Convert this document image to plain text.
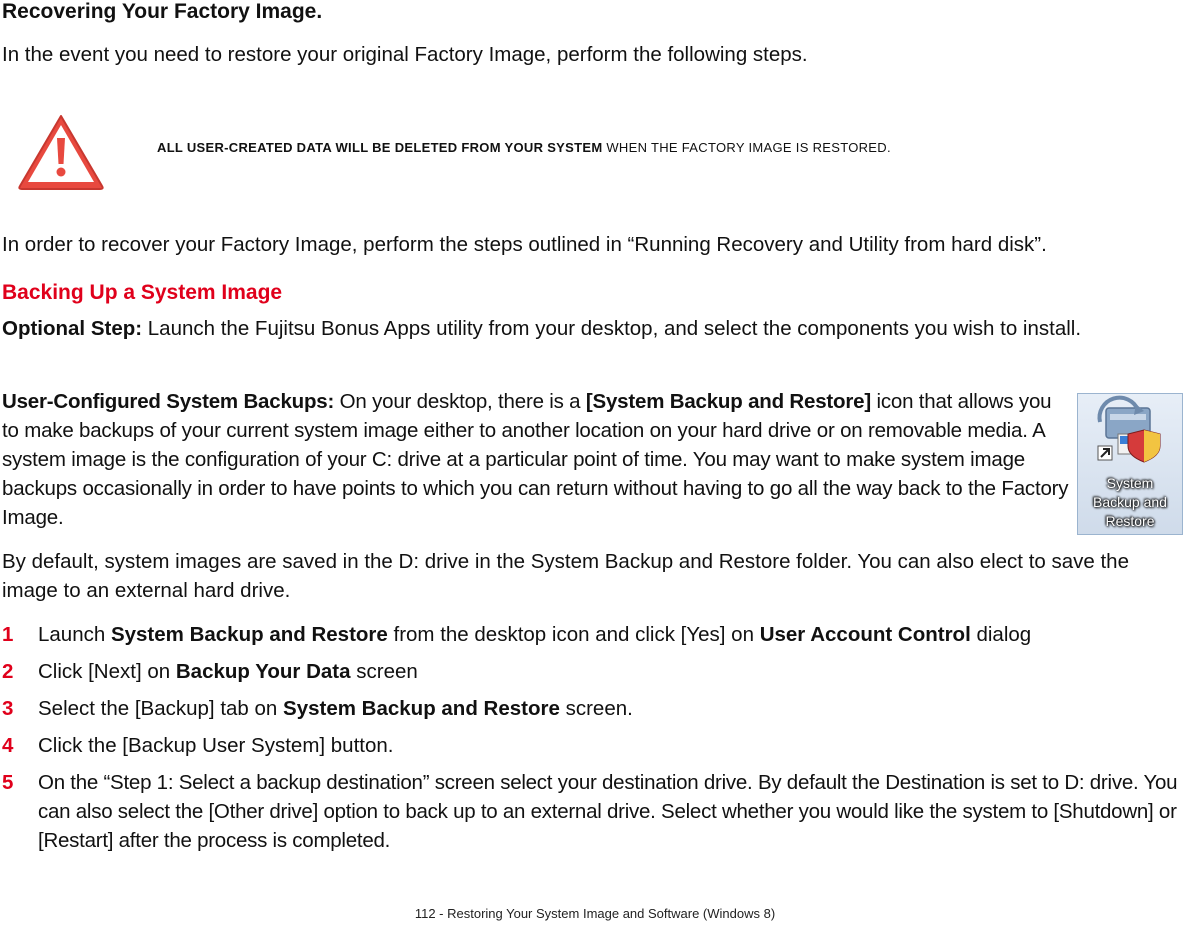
Recovering Your Factory Image.
In the event you need to restore your original Factory Image, perform the following steps.
ALL USER-CREATED DATA WILL BE DELETED FROM YOUR SYSTEM WHEN THE FACTORY IMAGE IS RESTORED.
In order to recover your Factory Image, perform the steps outlined in “Running Recovery and Utility from hard disk”.
Backing Up a System Image
Optional Step: Launch the Fujitsu Bonus Apps utility from your desktop, and select the components you wish to install.
User-Configured System Backups: On your desktop, there is a [System Backup and Restore] icon that allows you to make backups of your current system image either to another location on your hard drive or on removable media. A system image is the configuration of your C: drive at a particular point of time. You may want to make system image backups occasionally in order to have points to which you can return without having to go all the way back to the Factory Image.
System
Backup and
Restore
By default, system images are saved in the D: drive in the System Backup and Restore folder. You can also elect to save the image to an external hard drive.
1 Launch System Backup and Restore from the desktop icon and click [Yes] on User Account Control dialog
2 Click [Next] on Backup Your Data screen
3 Select the [Backup] tab on System Backup and Restore screen.
4 Click the [Backup User System] button.
5 On the “Step 1: Select a backup destination” screen select your destination drive. By default the Destination is set to D: drive. You can also select the [Other drive] option to back up to an external drive. Select whether you would like the system to [Shutdown] or [Restart] after the process is completed.
112 - Restoring Your System Image and Software (Windows 8)
